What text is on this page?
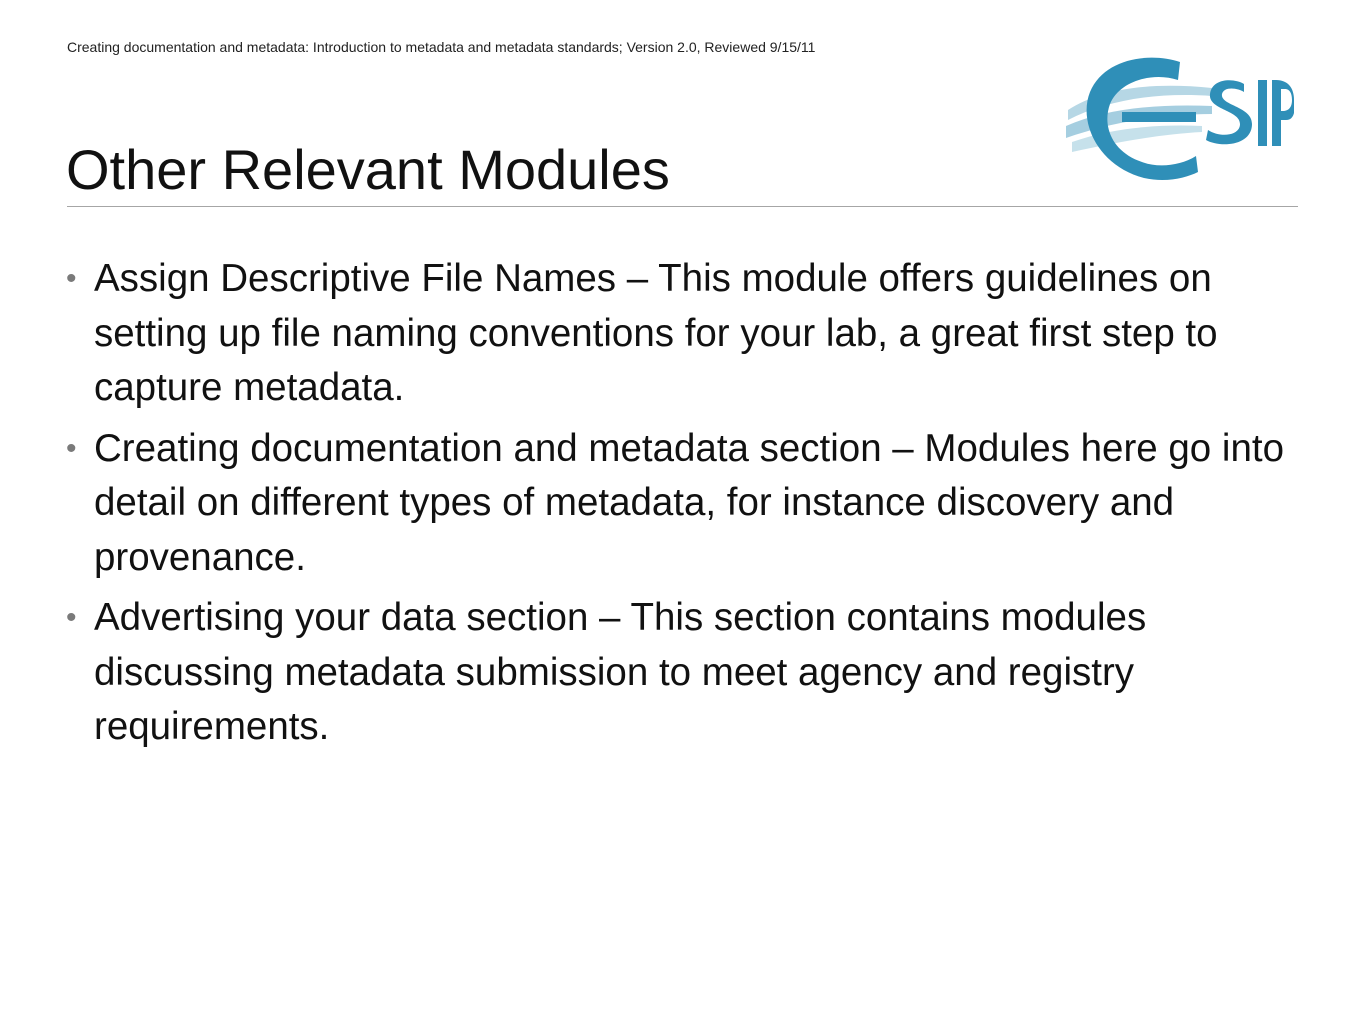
Creating documentation and metadata: Introduction to metadata and metadata standards; Version 2.0, Reviewed 9/15/11
Other Relevant Modules
• Assign Descriptive File Names – This module offers guidelines on setting up file naming conventions for your lab, a great first step to capture metadata.
• Creating documentation and metadata section – Modules here go into detail on different types of metadata, for instance discovery and provenance.
• Advertising your data section – This section contains modules discussing metadata submission to meet agency and registry requirements.
